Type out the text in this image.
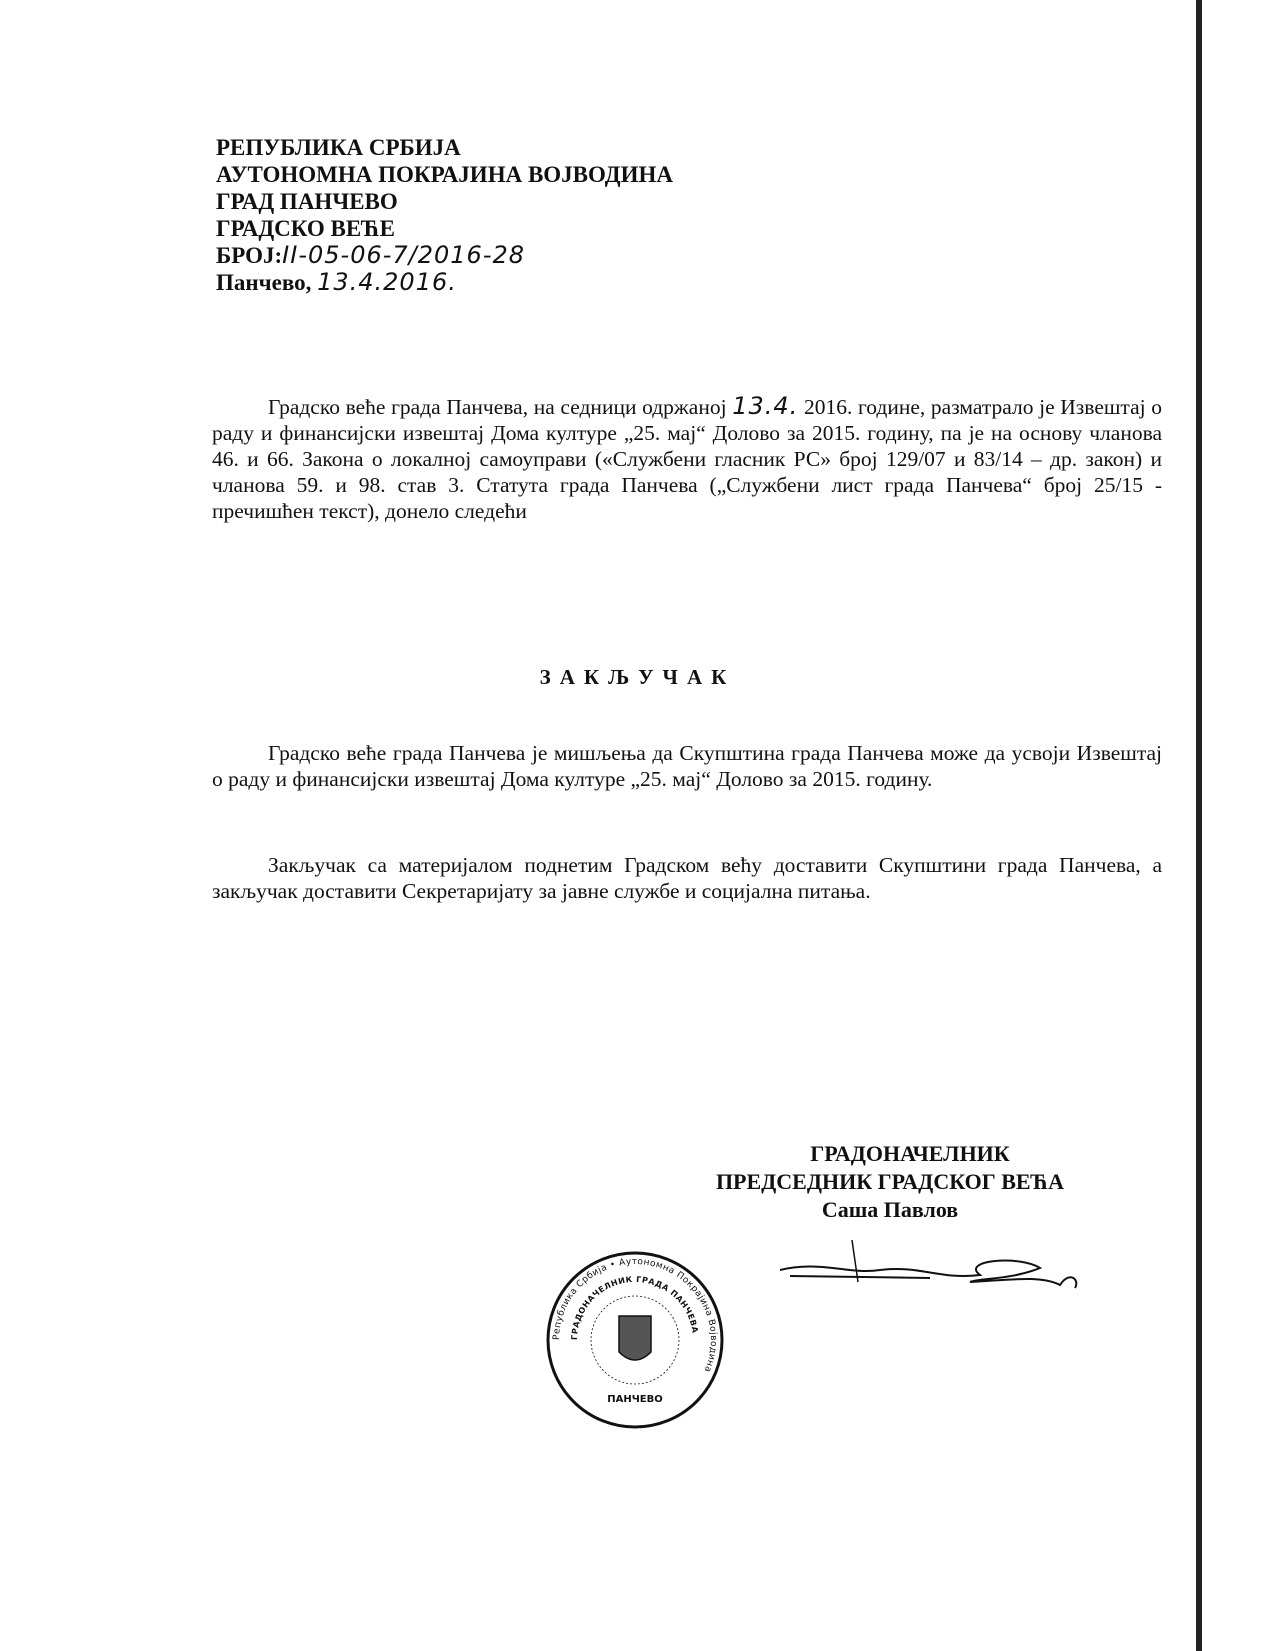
РЕПУБЛИКА СРБИЈА
АУТОНОМНА ПОКРАЈИНА ВОЈВОДИНА
ГРАД ПАНЧЕВО
ГРАДСКО ВЕЋЕ
БРОЈ:II-05-06-7/2016-28
Панчево, 13.4.2016.
Градско веће града Панчева, на седници одржаној 13.4. 2016. године, разматрало је Извештај о раду и финансијски извештај Дома културе „25. мај“ Долово за 2015. годину, па је на основу чланова 46. и 66. Закона о локалној самоуправи («Службени гласник РС» број 129/07 и 83/14 – др. закон) и чланова 59. и 98. став 3. Статута града Панчева („Службени лист града Панчева“ број 25/15 - пречишћен текст), донело следећи
ЗАКЉУЧАК
Градско веће града Панчева је мишљења да Скупштина града Панчева може да усвоји Извештај о раду и финансијски извештај Дома културе „25. мај“ Долово за 2015. годину.
Закључак са материјалом поднетим Градском већу доставити Скупштини града Панчева, а закључак доставити Секретаријату за јавне службе и социјална питања.
ГРАДОНАЧЕЛНИК
ПРЕДСЕДНИК ГРАДСКОГ ВЕЋА
Саша Павлов
Република Србија • Аутономна Покрајина Војводина
ГРАДОНАЧЕЛНИК ГРАДА ПАНЧЕВА
ПАНЧЕВО
